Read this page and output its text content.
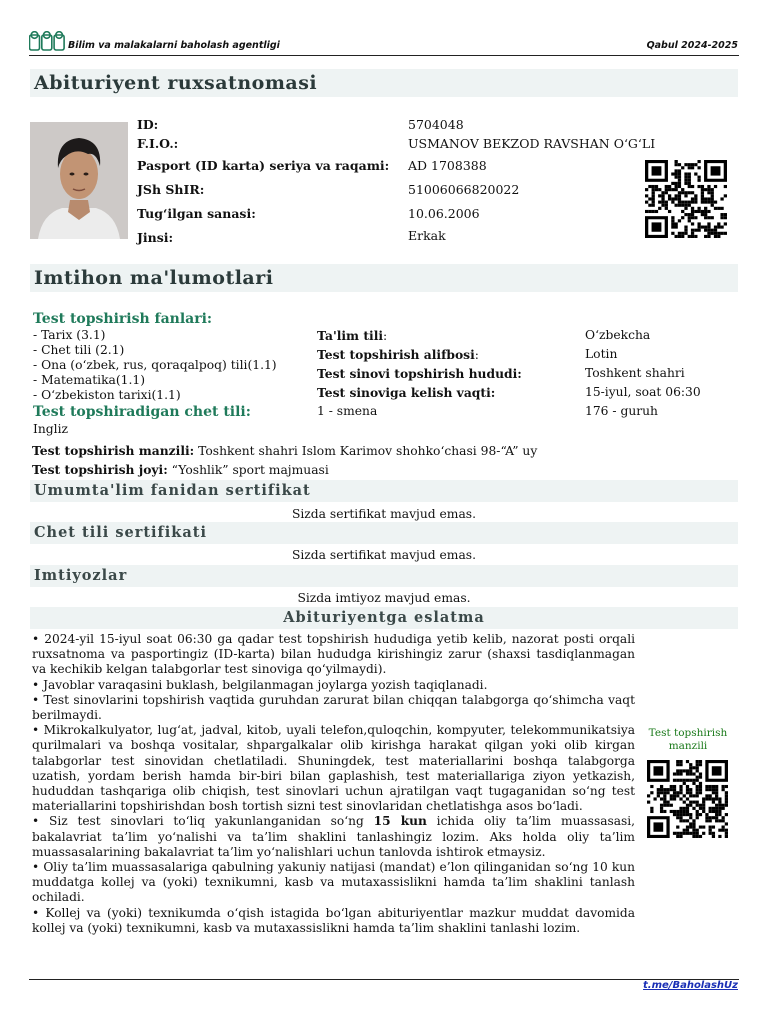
Bilim va malakalarni baholash agentligi	Qabul 2024-2025
Abituriyent ruxsatnomasi
ID:	5704048
F.I.O.:	USMANOV BEKZOD RAVSHAN O‘G‘LI
Pasport (ID karta) seriya va raqami: AD 1708388
JSh ShIR:	51006066820022
Tug‘ilgan sanasi:	10.06.2006
Jinsi:	Erkak
Imtihon ma'lumotlari
Test topshirish fanlari:
- Tarix (3.1)
- Chet tili (2.1)
- Ona (o‘zbek, rus, qoraqalpoq) tili(1.1)
- Matematika(1.1)
- O‘zbekiston tarixi(1.1)
Test topshiradigan chet tili:
Ingliz
Ta'lim tili:	O‘zbekcha
Test topshirish alifbosi:	Lotin
Test sinovi topshirish hududi:	Toshkent shahri
Test sinoviga kelish vaqti:	15-iyul, soat 06:30
1 - smena	176 - guruh
Test topshirish manzili: Toshkent shahri Islom Karimov shohko‘chasi 98-“A” uy
Test topshirish joyi: “Yoshlik” sport majmuasi
Umumta'lim fanidan sertifikat
Sizda sertifikat mavjud emas.
Chet tili sertifikati
Sizda sertifikat mavjud emas.
Imtiyozlar
Sizda imtiyoz mavjud emas.
Abituriyentga eslatma

• 2024-yil 15-iyul soat 06:30 ga qadar test topshirish hududiga yetib kelib, nazorat posti orqali ruxsatnoma va pasportingiz (ID-karta) bilan hududga kirishingiz zarur (shaxsi tasdiqlanmagan va kechikib kelgan talabgorlar test sinoviga qo‘yilmaydi).

• Javoblar varaqasini buklash, belgilanmagan joylarga yozish taqiqlanadi.

• Test sinovlarini topshirish vaqtida guruhdan zarurat bilan chiqqan talabgorga qo‘shimcha vaqt berilmaydi.

• Mikrokalkulyator, lug‘at, jadval, kitob, uyali telefon,quloqchin, kompyuter, telekommunikatsiya qurilmalari va boshqa vositalar, shpargalkalar olib kirishga harakat qilgan yoki olib kirgan talabgorlar test sinovidan chetlatiladi. Shuningdek, test materiallarini boshqa talabgorga uzatish, yordam berish hamda bir-biri bilan gaplashish, test materiallariga ziyon yetkazish, hududdan tashqariga olib chiqish, test sinovlari uchun ajratilgan vaqt tugaganidan so‘ng test materiallarini topshirishdan bosh tortish sizni test sinovlaridan chetlatishga asos bo‘ladi.

• Siz test sinovlari to‘liq yakunlanganidan so‘ng 15 kun ichida oliy ta’lim muassasasi, bakalavriat ta’lim yo‘nalishi va ta’lim shaklini tanlashingiz lozim. Aks holda oliy ta’lim muassasalarining bakalavriat ta’lim yo‘nalishlari uchun tanlovda ishtirok etmaysiz.

• Oliy ta’lim muassasalariga qabulning yakuniy natijasi (mandat) e’lon qilinganidan so‘ng 10 kun muddatga kollej va (yoki) texnikumni, kasb va mutaxassislikni hamda ta’lim shaklini tanlash ochiladi.

• Kollej va (yoki) texnikumda o‘qish istagida bo‘lgan abituriyentlar mazkur muddat davomida kollej va (yoki) texnikumni, kasb va mutaxassislikni hamda ta’lim shaklini tanlashi lozim.

Test topshirish manzili
t.me/BaholashUz
